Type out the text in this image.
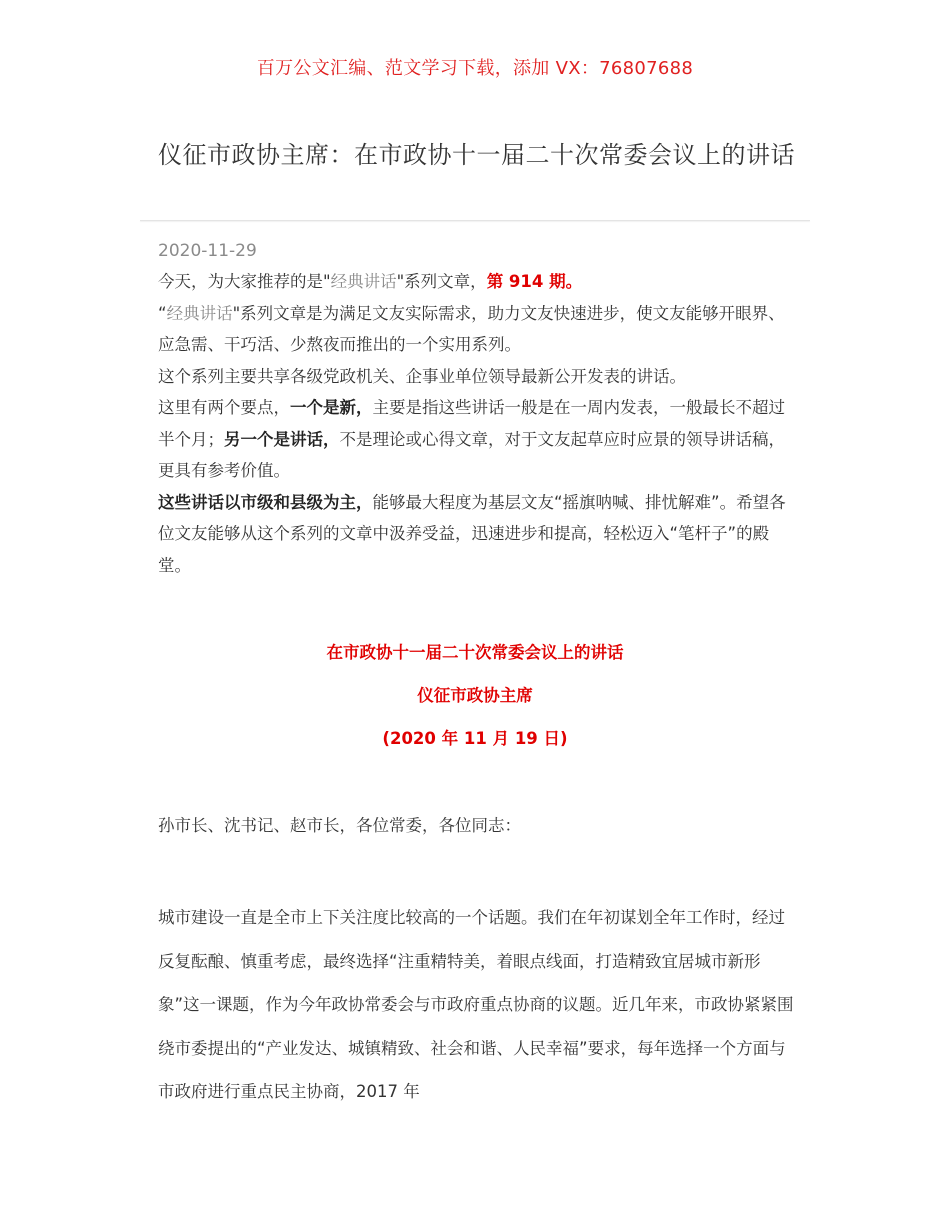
百万公文汇编、范文学习下载，添加 VX：76807688
仪征市政协主席：在市政协十一届二十次常委会议上的讲话
2020-11-29

今天，为大家推荐的是"经典讲话"系列文章，第 914 期。

“经典讲话"系列文章是为满足文友实际需求，助力文友快速进步，使文友能够开眼界、应急需、干巧活、少熬夜而推出的一个实用系列。

这个系列主要共享各级党政机关、企事业单位领导最新公开发表的讲话。

这里有两个要点，一个是新，主要是指这些讲话一般是在一周内发表，一般最长不超过半个月；另一个是讲话，不是理论或心得文章，对于文友起草应时应景的领导讲话稿，更具有参考价值。

这些讲话以市级和县级为主，能够最大程度为基层文友“摇旗呐喊、排忧解难”。希望各位文友能够从这个系列的文章中汲养受益，迅速进步和提高，轻松迈入“笔杆子”的殿堂。

在市政协十一届二十次常委会议上的讲话
仪征市政协主席
(2020 年 11 月 19 日)
孙市长、沈书记、赵市长，各位常委，各位同志：

城市建设一直是全市上下关注度比较高的一个话题。我们在年初谋划全年工作时，经过反复酝酿、慎重考虑，最终选择“注重精特美，着眼点线面，打造精致宜居城市新形象”这一课题，作为今年政协常委会与市政府重点协商的议题。近几年来，市政协紧紧围绕市委提出的“产业发达、城镇精致、社会和谐、人民幸福”要求，每年选择一个方面与市政府进行重点民主协商，2017 年
